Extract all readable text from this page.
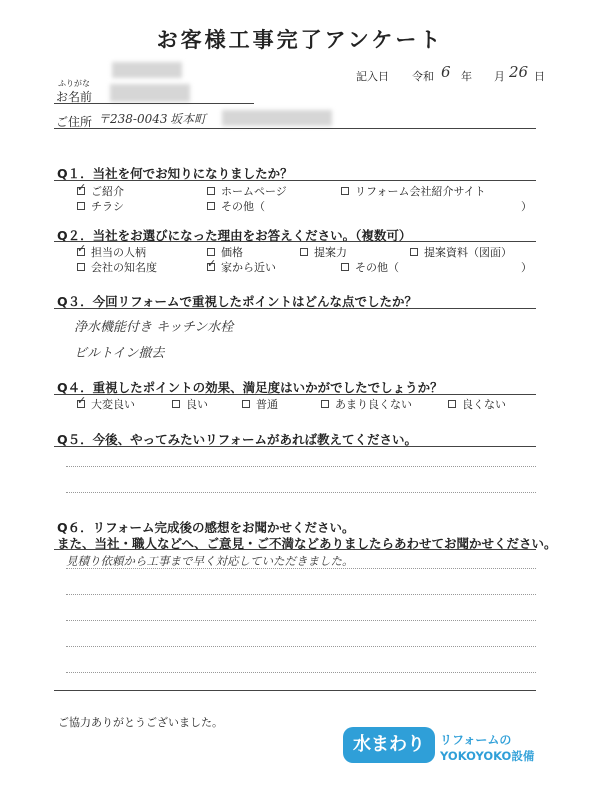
お客様工事完了アンケート
記入日 令和 6 年 月 26 日
ふりがな
お名前
ご住所 〒238-0043 坂本町
Q１．当社を何でお知りになりましたか？
✓ ご紹介	ホームページ	リフォーム会社紹介サイト
チラシ	その他（	）
Q２．当社をお選びになった理由をお答えください。（複数可）
✓ 担当の人柄	価格	提案力	提案資料（図面）
会社の知名度	✓ 家から近い	その他（	）
Q３．今回リフォームで重視したポイントはどんな点でしたか？
浄水機能付き キッチン水栓
ビルトイン撤去
Q４．重視したポイントの効果、満足度はいかがでしたでしょうか？
✓ 大変良い	良い	普通	あまり良くない	良くない
Q５．今後、やってみたいリフォームがあれば教えてください。
Q６．リフォーム完成後の感想をお聞かせください。
また、当社・職人などへ、ご意見・ご不満などありましたらあわせてお聞かせください。
見積り依頼から工事まで早く対応していただきました。
ご協力ありがとうございました。
水まわり	リフォームの
YOKOYOKO設備
